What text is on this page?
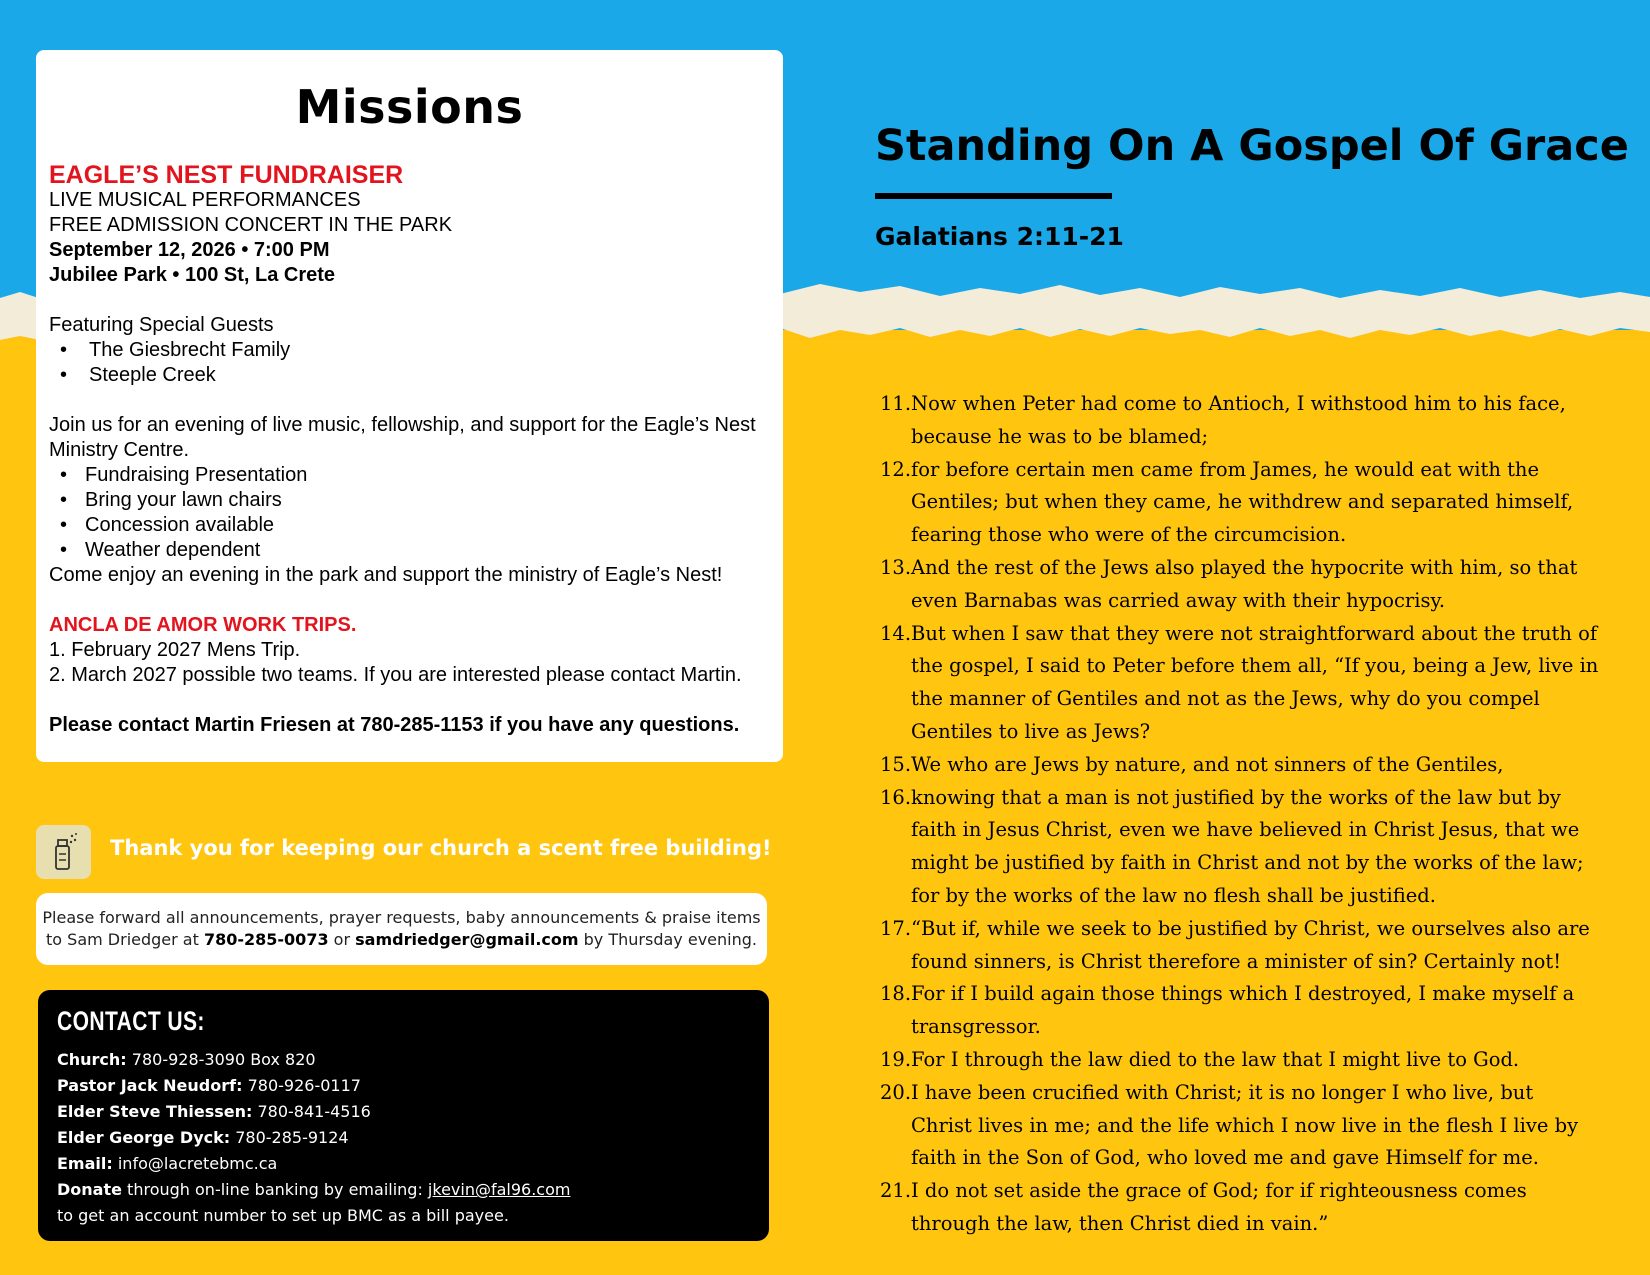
Missions
EAGLE’S NEST FUNDRAISER
LIVE MUSICAL PERFORMANCES
FREE ADMISSION CONCERT IN THE PARK
September 12, 2026 • 7:00 PM
Jubilee Park • 100 St, La Crete
Featuring Special Guests
• The Giesbrecht Family
• Steeple Creek
Join us for an evening of live music, fellowship, and support for the Eagle’s Nest Ministry Centre.
• Fundraising Presentation
• Bring your lawn chairs
• Concession available
• Weather dependent
Come enjoy an evening in the park and support the ministry of Eagle’s Nest!
ANCLA DE AMOR WORK TRIPS.
1. February 2027 Mens Trip.
2. March 2027 possible two teams. If you are interested please contact Martin.
Please contact Martin Friesen at 780-285-1153 if you have any questions.
Thank you for keeping our church a scent free building!
Please forward all announcements, prayer requests, baby announcements & praise items
to Sam Driedger at 780-285-0073 or samdriedger@gmail.com by Thursday evening.
CONTACT US:
Church: 780-928-3090 Box 820
Pastor Jack Neudorf: 780-926-0117
Elder Steve Thiessen: 780-841-4516
Elder George Dyck: 780-285-9124
Email: info@lacretebmc.ca
Donate through on-line banking by emailing: jkevin@fal96.com
to get an account number to set up BMC as a bill payee.
Standing On A Gospel Of Grace
Galatians 2:11-21
11. Now when Peter had come to Antioch, I withstood him to his face, because he was to be blamed;
12. for before certain men came from James, he would eat with the Gentiles; but when they came, he withdrew and separated himself, fearing those who were of the circumcision.
13. And the rest of the Jews also played the hypocrite with him, so that even Barnabas was carried away with their hypocrisy.
14. But when I saw that they were not straightforward about the truth of the gospel, I said to Peter before them all, “If you, being a Jew, live in the manner of Gentiles and not as the Jews, why do you compel Gentiles to live as Jews?
15. We who are Jews by nature, and not sinners of the Gentiles,
16. knowing that a man is not justified by the works of the law but by faith in Jesus Christ, even we have believed in Christ Jesus, that we might be justified by faith in Christ and not by the works of the law; for by the works of the law no flesh shall be justified.
17. “But if, while we seek to be justified by Christ, we ourselves also are found sinners, is Christ therefore a minister of sin? Certainly not!
18. For if I build again those things which I destroyed, I make myself a transgressor.
19. For I through the law died to the law that I might live to God.
20. I have been crucified with Christ; it is no longer I who live, but Christ lives in me; and the life which I now live in the flesh I live by faith in the Son of God, who loved me and gave Himself for me.
21. I do not set aside the grace of God; for if righteousness comes through the law, then Christ died in vain.”
